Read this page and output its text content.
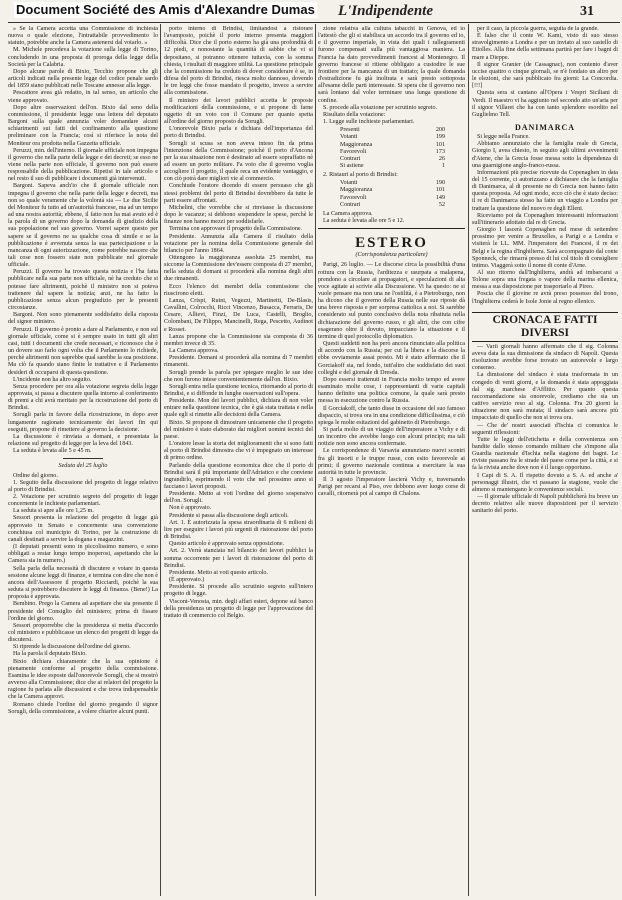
Document Société des Amis d'Alexandre Dumas L'Indipendente	31

» Se la Camera accetta una Commissione di inchiesta nuova o quale elezione, l'intrattabile provvedimento lo statuto, potrebbe anche la Camera astenersi dal votarlo. »

M. Michele precedeva la votazione sulla legge di Torino, concludendo in una proposta di proroga della legge della Società per la Calabria.

Dopo alcune parole di Bixio, Tecchio propone che gli articoli indicati nella presente legge del codice penale sardo del 1859 siano pubblicati nelle Toscane annesse alla legge.

Pescattore avea già redatto, in tal senso, un articolo che viene approvato.

Dopo altre osservazioni dell'on. Bixio dal seno della commissione, il presidente legge una lettera del deputato Bargoni sulla quale annunzia voler domandare alcuni schiarimenti sui fatti del confinamento alla questione preliminare con la Francia; così si riferisce la nota del Moniteur ora prodotta nella Gazzetta ufficiale.

Peruzzi, min. dell'interno. Il giornale ufficiale non impegna il governo che nella parte della legge e dei decreti; se esso ne viene nella parte non ufficiale, il governo non può essere responsabile della pubblicazione. Ripetisi in tale articolo e nel resto il suo di pubblicare i documenti già intervenuti.

Bargoni. Sapeva anch'io che il giornale ufficiale non impegna il governo che nella parte della legge e decreti, ma non so quale veramente che la volontà sia — Le due Sicilie del Moniteur fu tutto ad un'autorità francese, ma ad un tempo ad una nostra autorità; ebbene, il fatto non ha mai avuto ed è la parola di un governo dopo la domanda di giudizio della sua popolazione nel suo governo. Vorrei sapere questo per sapere se il governo ne sa qualche cosa di simile e se la pubblicazione è avvenuta senza la sua partecipazione e la mancanza di ogni autorizzazione, come potrebbe nascere che tali cose non fossero state non pubblicate nel giornale ufficiale.

Peruzzi. Il governo ha trovato questa notizia e l'ha fatta pubblicare nella sua parte non ufficiale, nè ha creduto che si potesse fare altrimenti, poichè il ministro non si poteva trattenere dal sapere la notizia; anzi, ne ha fatto la pubblicazione senza alcun pregiudizio per le presenti circostanze.

Bargoni. Non sono pienamente soddisfatto della risposta del signor ministro.

Peruzzi. Il governo è pronto a dare al Parlamento, e non sul giornale ufficiale, come si è sempre usato in tutti gli altri casi, tutti i documenti che crede necessari, e riconosce che è un dovere suo farlo ogni volta che il Parlamento lo richiede, perchè altrimenti non saprebbe qual sarebbe la sua posizione. Ma ciò fa quando siano finite le trattative e il Parlamento desideri di occuparsi di questa questione.

L'incidente non ha altro seguito.

Senza procedere per ora alla votazione segreta della legge approvata, si passa a discutere quella intorno al conferimento di premi a chi avrà meritato per la ricostruzione del porto di Brindisi.

Sorugli parla in favore della ricostruzione, in dopo aver lungamente ragionato tecnicamente dei lavori fin qui eseguiti, propone di rimettere al governo la decisione.

La discussione è rinviata a domani, e presentata la relazione sul progetto di legge per la leva del 1843.

La seduta è levata alle 5 e 45 m.

Seduta del 25 luglio

Ordine del giorno.

1. Seguito della discussione del progetto di legge relativo al porto di Brindisi.

2. Votazione per scrutinio segreto del progetto di legge concernente le inchieste parlamentari.

La seduta si apre alle ore 1,25 m.

Sessori presenta la relazione del progetto di legge già approvato in Senato e concernente una convenzione conchiusa col municipio di Torino, per la costruzione di canali destinati a servire la dogana e magazzini.

(I deputati presenti sono in piccolissimo numero, e sono obbligati a restar lungo tempo inoperosi, aspettando che la Camera sia in numero.)

Sella parla della necessità di discutere e votare in questa sessione alcune leggi di finanze, e termina con dire che non è ancora dell'Assessore il progetto Ricciardi, poichè la sua seduta si potrebbero discutere le leggi di finanza. (Bene!) La proposta è approvata.

Bembino. Prego la Camera ad aspettare che sia presente il presidente del Consiglio del ministero; prima di fissare l'ordine del giorno.

Sessori proporrebbe che la presidenza si metta d'accordo col ministero e pubblicasse un elenco dei progetti di legge da discutersi.

Si riprende la discussione dell'ordine del giorno.

Ha la parola il deputato Bixio.

Bixio dichiara chiaramente che la sua opinione è pienamente conforme al progetto della commissione. Esamina le idee esposte dall'onorevole Sorugli, che si mostrò avverso alla Commissione; dice che ai relatori del progetto la ragione fu parlata alle discussioni e che trova indispensabile che la Camera approvi.

Romano chiede l'ordine del giorno pregando il signor Sorugli, della commissione, a volere chiarire alcuni punti.

porto interno di Brindisi, limitandosi a ristorare l'avamposto, poichè il porto interno presenta maggiori difficoltà. Dice che il porto esterno ha già una profondità di 12 piedi, e nonostante la quantità di sabbie che vi si depositano, si potranno ottenere tuttavia, con la somma chiesta, i risultati di maggiore utilità. La questione principale che la commissione ha creduto di dover considerare è se, in difesa del porto di Brindisi, riesca molto dannoso, dovendo le tre leggi che fosse mandato il progetto, invece a servire alla commissione.

Il ministro dei lavori pubblici accetta le proposte modificazioni della commissione, e si propone di farne oggetto di un voto con il Comune per quanto spetta all'ordine del giorno proposto da Sorugli.

L'onorevole Bixio parla e dichiara dell'importanza del porto di Brindisi.

Sorugli si scusa se non aveva inteso fin da prima l'intenzione della Commissione; poichè il porto d'Ancona per la sua situazione non è destinato ad essere sopraffatto nè ad essere un porto militare. Fa voto che il governo voglia accogliere il progetto, il quale reca un evidente vantaggio, e con ciò potrà dare migliori vie al commercio.

Conchiude l'oratore dicendo di essere persuaso che gli stessi problemi del porto di Brindisi dovrebbero da tutte le parti essere affrontati.

Michelini, che vorrebbe che si rinviasse la discussione dopo le vacanze; si debbono sospendere le spese, perchè le finanze non hanno mezzi per soddisfarle.

Termina con approvare il progetto della Commissione.

Presidente. Annunzia alla Camera il risultato della votazione per la nomina della Commissione generale del bilancio per l'anno 1864.

Ottengono la maggioranza assoluta 25 membri, ma siccome la Commissione dev'essere composta di 27 membri, nella seduta di domani si procederà alla nomina degli altri due rimanenti.

Ecco l'elenco dei membri della commissione che riuscirono eletti.

Lanza, Crispi, Ruini, Vegezzi, Martinetti, De-Blasis, Cavallini, Colrocchi, Ricci Vincenzo, Busacca, Ferraris, De Cesare, Allievi, Finzi, De Luca, Castelli, Broglio, Colombani, De Filippo, Mancinelli, Rega, Pescetto, Audinot e Rosset.

Lanza propone che la Commissione sia composta di 36 membri invece di 35.

La Camera approva.

Presidente. Domani si procederà alla nomina di 7 membri rimanenti.

Sorugli prende la parola per spiegare meglio le sue idee che non furono intese convenientemente dall'on. Bixio.

Sorugli entra nella questione tecnica, ritornando al porto di Brindisi, e si diffonde in lunghe osservazioni sull'opera.

Presidente. Mon dei lavori pubblici, dichiara di non voler entrare nella questione tecnica, che è già stata trattata e nella quale egli si rimette alle decisioni della Camera.

Bixio. Si propone di dimostrare unicamente che il progetto del ministro è stato elaborato dai migliori uomini tecnici del paese.

L'oratore lesse la storia dei miglioramenti che si sono fatti al porto di Brindisi dimostra che vi è impegnato un interesse di primo ordine.

Parlando della questione economica dice che il porto di Brindisi sarà il più importante dell'Adriatico e che conviene ingrandirlo, esprimendo il voto che nel prossimo anno si facciano i lavori proposti.

Presidente. Metto ai voti l'ordine del giorno sospensivo dell'on. Sorugli.

Non è approvato.

Presidente si passa alla discussione degli articoli.

Art. 1. È autorizzata la spesa straordinaria di 6 milioni di lire per eseguire i lavori più urgenti di ristorazione del porto di Brindisi.

Questo articolo è approvato senza opposizione.

Art. 2. Verrà stanziata nel bilancio dei lavori pubblici la somma occorrente per i lavori di ristorazione del porto di Brindisi.

Presidente. Metto ai voti questo articolo.

(È approvato.)

Presidente. Si procede allo scrutinio segreto sull'intero progetto di legge.

Viscont-Venosta, min. degli affari esteri, depone sul banco della presidenza un progetto di legge per l'approvazione del trattato di commercio col Belgio.

zione relativa alla cultura tabacchi in Genova, ed io l'attestò che gli si stabilisca un accordo tra il governo ed io, e il governo imperiale, in vista dei quali i rallegramenti furono compensati sulla più vantaggiosa maniera. La Francia ha dato provvedimenti francesi al Montenegro. Il governo francese si ritiene obbligato a custodire le sue frontiere per la mancanza di un trattato; la quale domanda d'estradizione fu già inoltrata e sarà presto sottoposta all'esame delle parti interessate. Si spera che il governo non sarà lontano dal voler terminare una lunga questione di confine.

S. procede alla votazione per scrutinio segreto.

Risultato della votazione:

1. Legge sulle inchieste parlamentari.

Presenti	200
Votanti	199
Maggioranza	101
Favorevoli	173
Contrari	26
Si astiene	1

2. Ristauri al porto di Brindisi:

Votanti	190
Maggioranza	101
Favorevoli	149
Contrari	52

La Camera approva.

La seduta è levata alle ore 5 e 12.

ESTERO

(Corrispondenza particolare)

Parigi, 26 luglio. — Le discorse circa la possibilità d'una rottura con la Russia, l'arditezza e usurpata a malapena, prendono a circolare ai propagatori, e speculazioni di alta voce agitate ai scrivie alla Discussione. Vi ha questo: ne si vuole pensare ma non una ne l'ostilità, è a Pietroburgo, non ha dicono che il governo della Russia nelle sue riposte dà una breve risposta e per sorpresa cattolica a noi. Si sarebbe considerato sul punto conclusivo della nota ribattuta nella dichiarazione del governo russo, e gli altri, che con cifre esagerano oltre il dovuto, impacciano la situazione e il termine di quel protocollo diplomatico.

Questi suddetti non ha però ancora rinunciato alla politica di accordo con la Russia; per cui la libera e la discorse la ebbe ovviamente assai presto. Mi è stato affermato che il Gorciakoff sia, nel fondo, tutt'altro che soddisfatto dei suoi colleghi e del giornale di Dresda.

Dopo essersi trattenuti in Francia molto tempo ed avere esaminato molte cose, i rappresentanti di varie capitali hanno definito una politica comune, la quale sarà presto messa in esecuzione contro la Russia.

Il Gorciakoff, che tanto disse in occasione del suo famoso dispaccio, si trova ora in una condizione difficilissima, e ciò spiega le molte esitazioni del gabinetto di Pietroburgo.

Si parla molto di un viaggio dell'imperatore a Vichy e di un incontro che avrebbe luogo con alcuni principi; ma tali notizie non sono ancora confermate.

Le corrispondenze di Varsavia annunziano nuovi scontri fra gli insorti e le truppe russe, con esito favorevole ai primi; il governo nazionale continua a esercitare la sua autorità in tutte le provincie.

Il 3 agosto l'imperatore lascierà Vichy e, traversando Parigi per recarsi al Piso, ove debbono aver luogo corse di cavalli, ritornerà poi al campo di Chalons.

per il caso, la piccola guerra, seguita de la grande.

È falso che il conte W. Kami, visto di suo stesso stravolgimento a Londra e per un inviato al suo castello di Etiolles. Alla fine della settimana partirà per fare i bagni di mare a Dieppe.

Il signor Granier (de Cassagnac), non contento d'aver uccise quattro o cinque giornali, se n'è fondato un altro per le elezioni, che sarà pubblicato fra giorni: La Concordia. [!!!]

Questa sera si cantano all'Opera i Vespri Siciliani di Verdi. Il maestro vi ha aggiunto nel secondo atto un'aria per il signor Villaret che ha con tanto splendore esordito nel Guglielmo Tell.

DANIMARCA

Si legge nella France.

Abbiamo annunziato che la famiglia reale di Grecia, Giorgio I, avea chiesto, in seguito agli ultimi avvenimenti d'Atene, che la Grecia fosse messa sotto la dipendenza di una guarnigione anglo-franco-russa.

Informazioni più precise ricevute da Copenaghen in data del 15 corrente, ci autorizzano a dichiarare che la famiglia di Danimarca, al di presente ne di Grecia non hanno fatto questa proposta. Ad ogni modo, ecco ciò che è stato deciso: il re di Danimarca stesso ha fatto un viaggio a Londra per trattare la questione del nuovo re degli Elleni.

Riceviamo poi da Copenaghen interessanti informazioni sull'itinerario adottato dal re di Grecia.

Giorgio I lascerà Copenaghen nel mese di settembre prossimo per venire a Bruxelles, a Parigi e a Londra e visiterà le LL. MM. l'imperatore dei Francesi, il re dei Belgi e la regina d'Inghilterra. Sarà accompagnato dal conte Sponneck, che rimarrà presso di lui col titolo di consigliere intimo. Viaggerà sotto il nome di conte d'Arne.

Al suo ritorno dall'Inghilterra, andrà ad imbarcarsi a Tolone sopra una fregata o vapore della marina ellenica, messa a sua disposizione per trasportarlo al Pireo.

Poscia che il giovine re avrà preso possesso del trono, l'Inghilterra cederà le Isole Jonie al regno ellenico.

CRONACA E FATTI DIVERSI

— Varii giornali hanno affermato che il sig. Colonna aveva data la sua dimissione da sindaco di Napoli. Questa risoluzione avrebbe forse trovato un autorevole e largo consenso.

La dimissione del sindaco è stata trasformata in un congedo di venti giorni, e la domanda è stata appoggiata dal sig. marchese d'Afflitto. Per quanto questa raccomandazione sia onorevole, crediamo che sia un cattivo servizio reso al sig. Colonna. Fra 20 giorni la situazione non sarà mutata; il sindaco sarà ancora più impacciato di quello che non si trova ora.

— Che de' nostri associati d'Ischia ci comunica le seguenti riflessioni:

Tutte le leggi dell'etichetta e della convenienza son bandite dallo stesso comando militare che s'impone alla Guardia nazionale d'Ischia nella stagione dei bagni. Le riviste passano fra le strade del paese come per la città, e si fa la rivista anche dove non è il luogo opportuno.

I Capi di S. A. Il rispetto dovuto a S. A. ed anche a' personaggi illustri, che vi passano la stagione, vuole che almeno si mantengano le convenienze sociali.

— Il giornale ufficiale di Napoli pubblicherà fra breve un decreto relativo alle nuove disposizioni per il servizio sanitario del porto.
